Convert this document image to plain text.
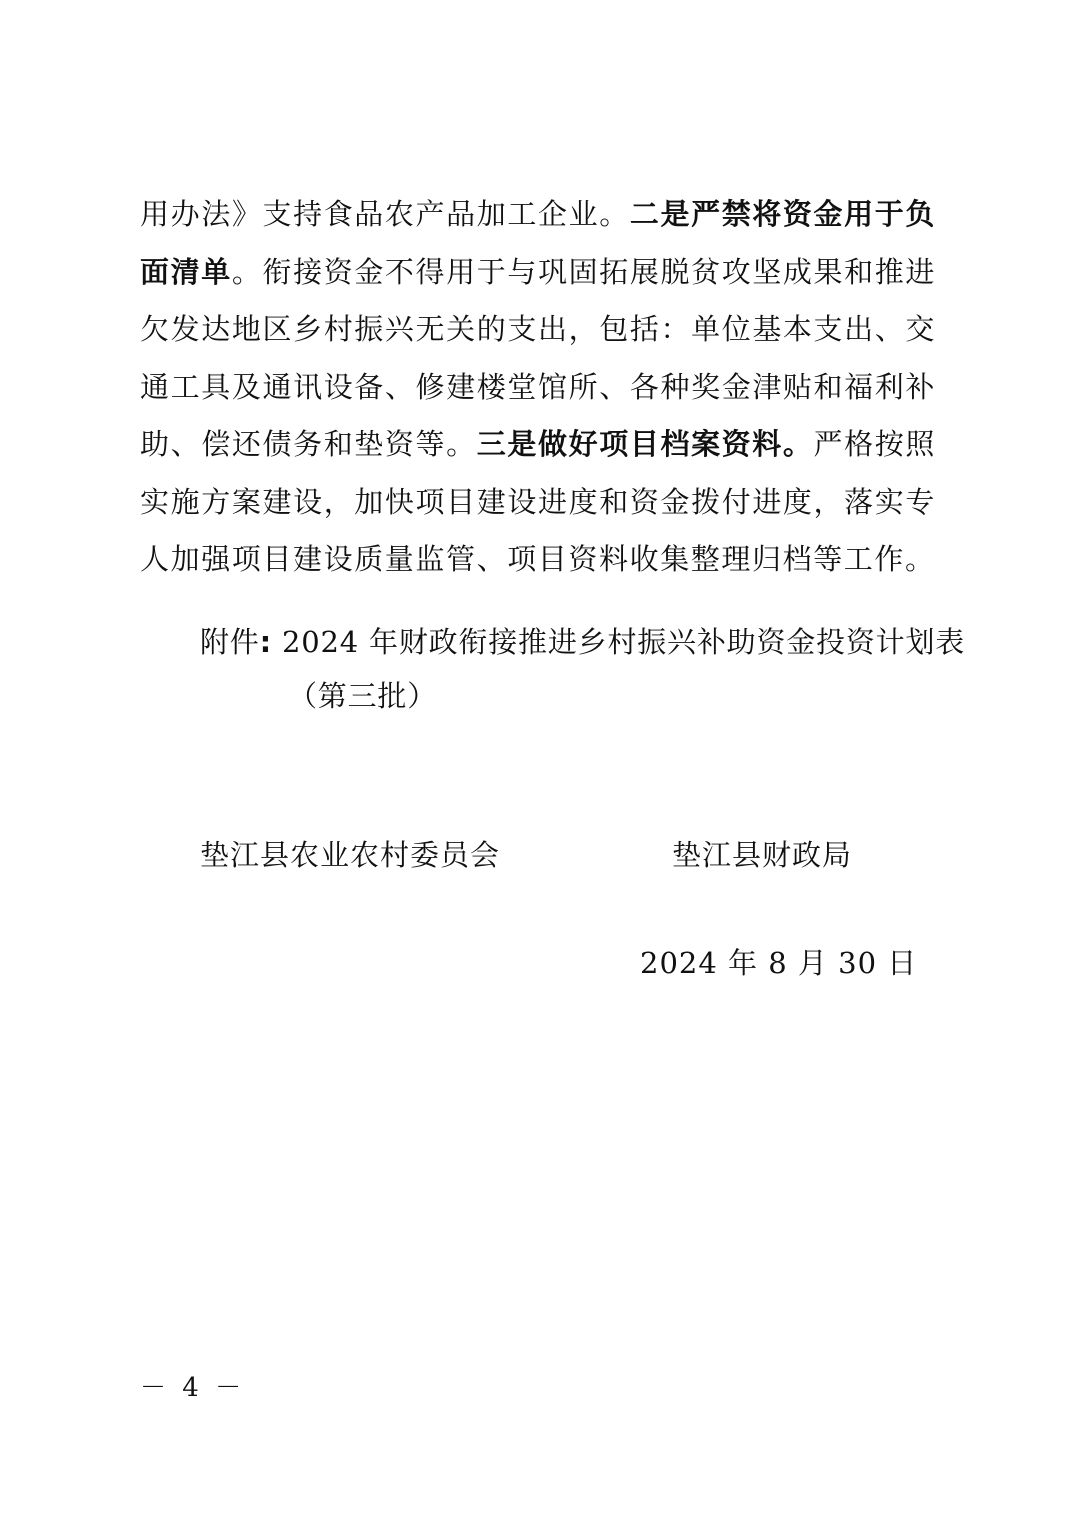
用办法》支持食品农产品加工企业。二是严禁将资金用于负面清单。衔接资金不得用于与巩固拓展脱贫攻坚成果和推进欠发达地区乡村振兴无关的支出，包括：单位基本支出、交通工具及通讯设备、修建楼堂馆所、各种奖金津贴和福利补助、偿还债务和垫资等。三是做好项目档案资料。严格按照实施方案建设，加快项目建设进度和资金拨付进度，落实专人加强项目建设质量监管、项目资料收集整理归档等工作。
附件: 2024 年财政衔接推进乡村振兴补助资金投资计划表
（第三批）
垫江县农业农村委员会	垫江县财政局
2024 年 8 月 30 日
－ 4 －
